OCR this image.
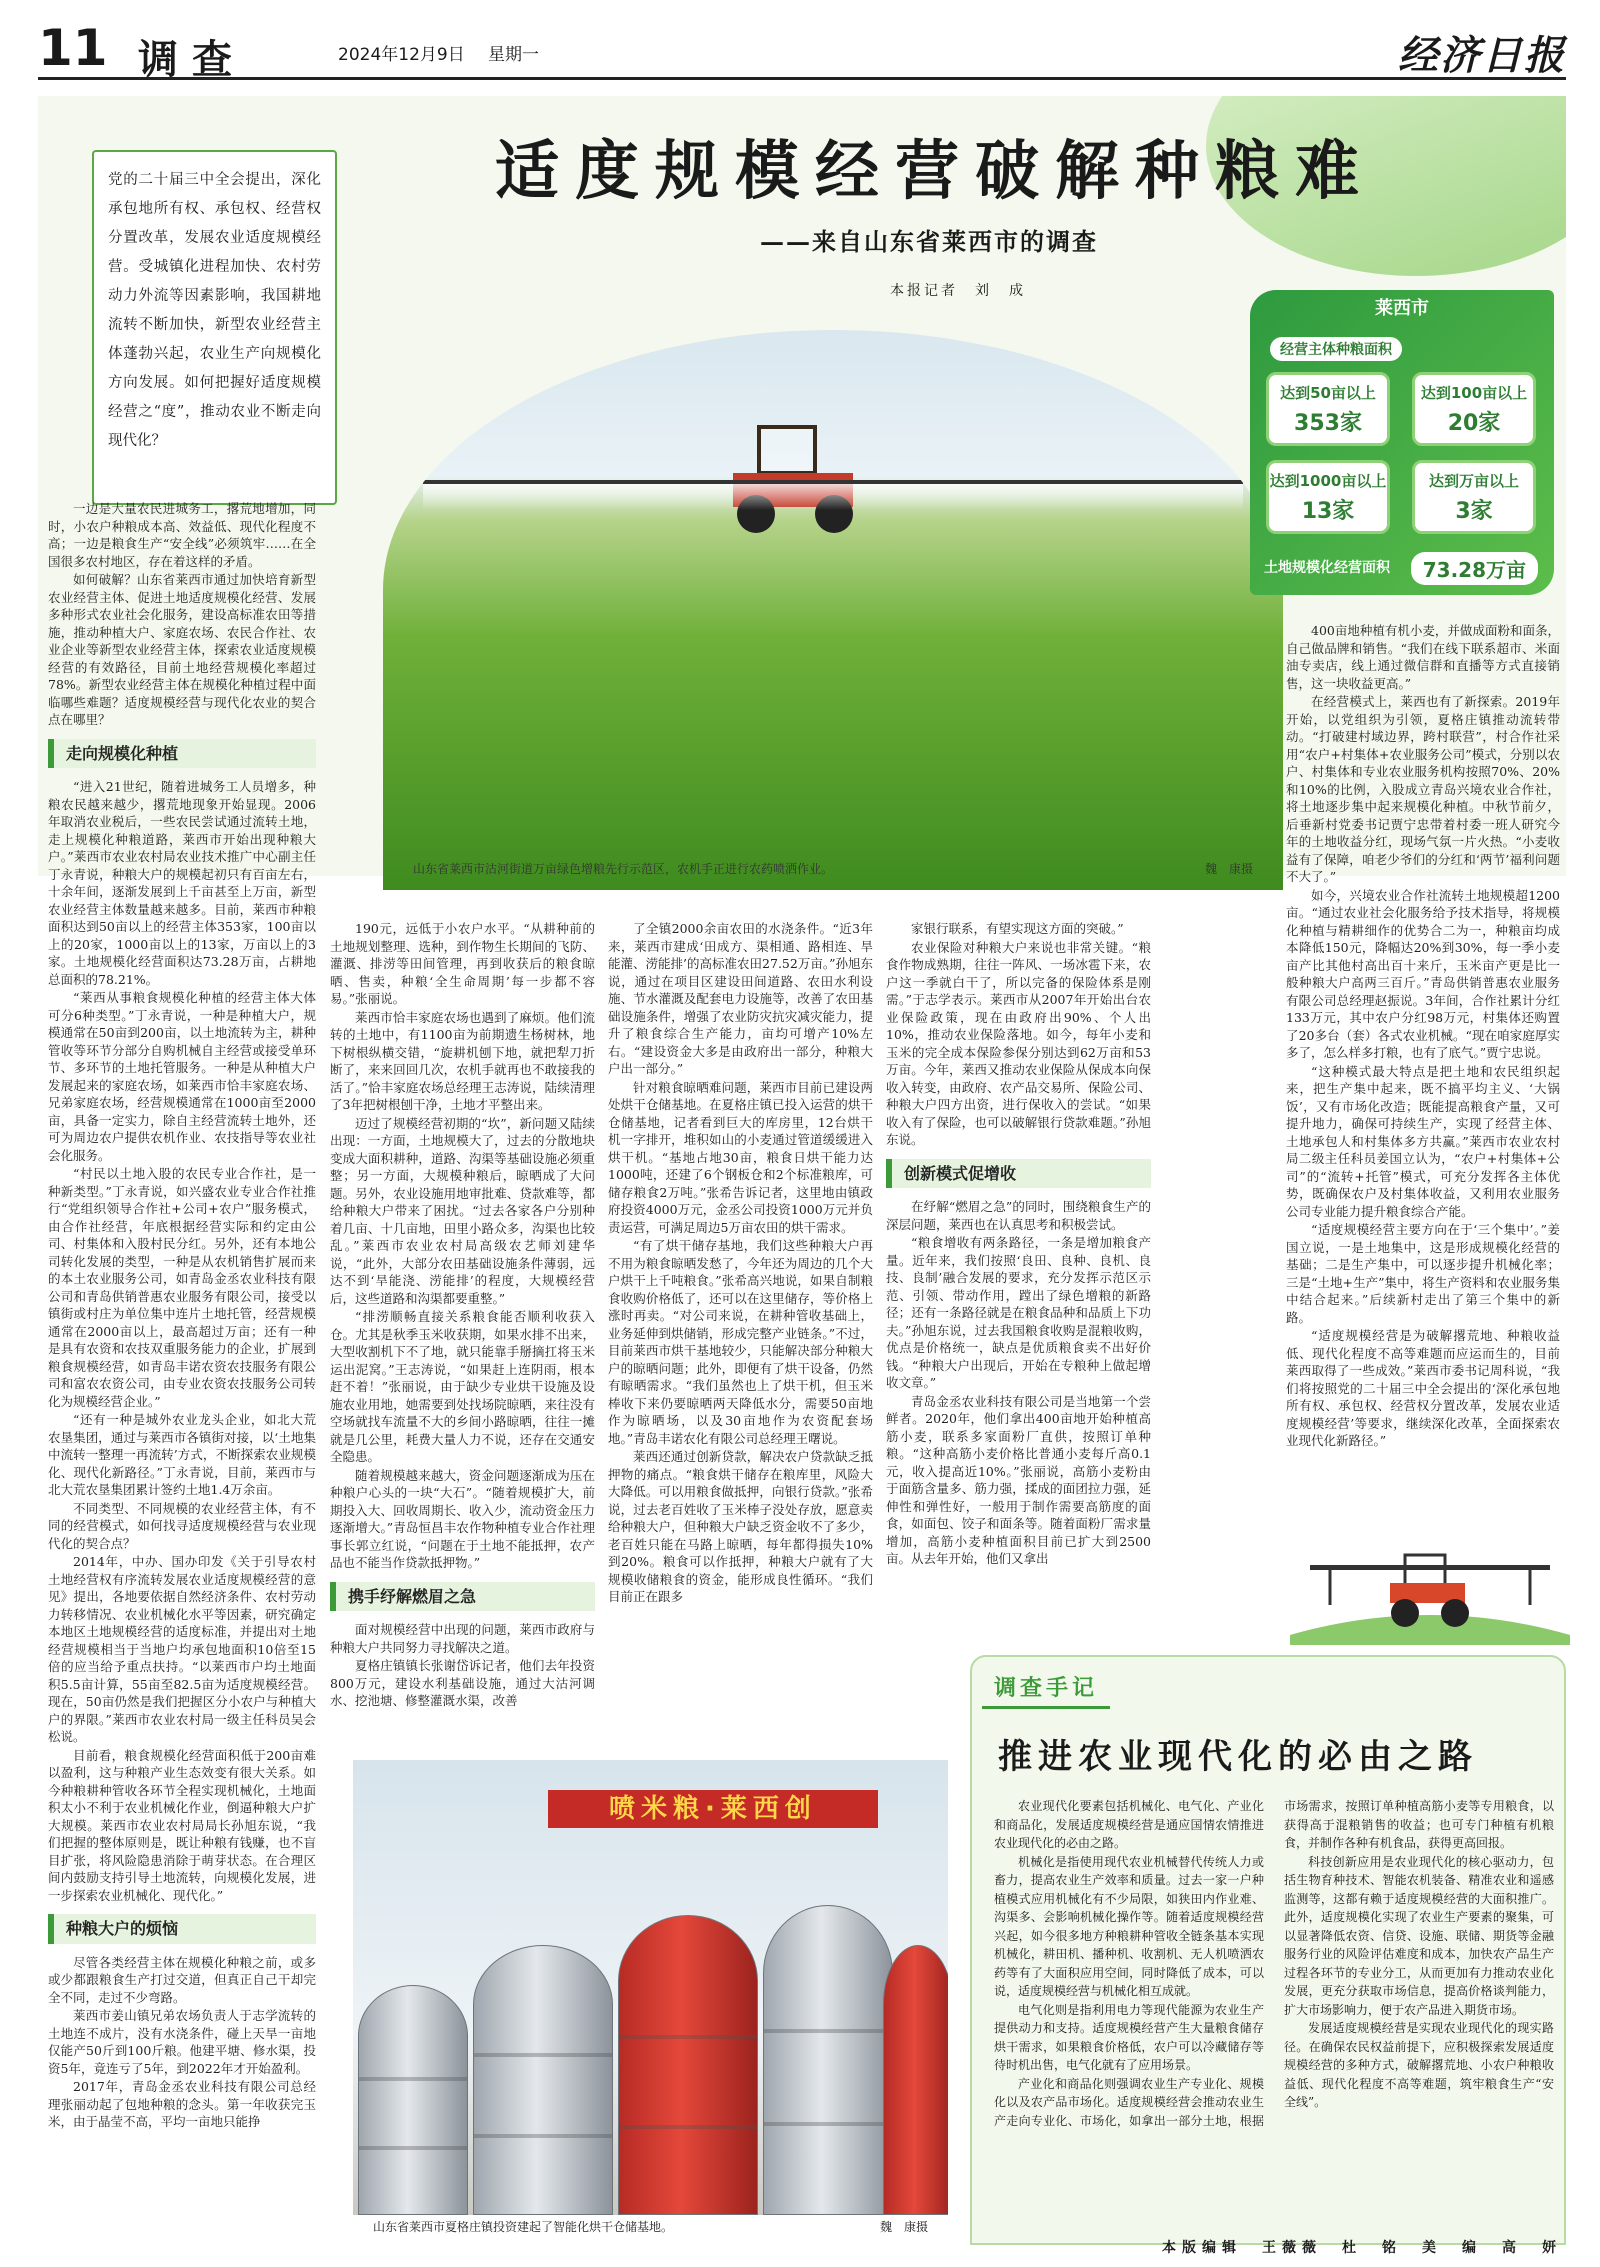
11 调查	2024年12月9日 星期一	经济日报
党的二十届三中全会提出，深化承包地所有权、承包权、经营权分置改革，发展农业适度规模经营。受城镇化进程加快、农村劳动力外流等因素影响，我国耕地流转不断加快，新型农业经营主体蓬勃兴起，农业生产向规模化方向发展。如何把握好适度规模经营之“度”，推动农业不断走向现代化？
适度规模经营破解种粮难
——来自山东省莱西市的调查
本报记者　刘　成
山东省莱西市沽河街道万亩绿色增粮先行示范区，农机手正进行农药喷洒作业。	魏　康摄
莱西市
经营主体种粮面积
达到50亩以上
353家
达到100亩以上
20家
达到1000亩以上
13家
达到万亩以上
3家
土地规模化经营面积	73.28万亩

一边是大量农民进城务工，撂荒地增加，同时，小农户种粮成本高、效益低、现代化程度不高；一边是粮食生产“安全线”必须筑牢……在全国很多农村地区，存在着这样的矛盾。

如何破解？山东省莱西市通过加快培育新型农业经营主体、促进土地适度规模化经营、发展多种形式农业社会化服务，建设高标准农田等措施，推动种植大户、家庭农场、农民合作社、农业企业等新型农业经营主体，探索农业适度规模经营的有效路径，目前土地经营规模化率超过78%。新型农业经营主体在规模化种植过程中面临哪些难题？适度规模经营与现代化农业的契合点在哪里？

走向规模化种植

“进入21世纪，随着进城务工人员增多，种粮农民越来越少，撂荒地现象开始显现。2006年取消农业税后，一些农民尝试通过流转土地，走上规模化种粮道路，莱西市开始出现种粮大户。”莱西市农业农村局农业技术推广中心副主任丁永青说，种粮大户的规模起初只有百亩左右，十余年间，逐渐发展到上千亩甚至上万亩，新型农业经营主体数量越来越多。目前，莱西市种粮面积达到50亩以上的经营主体353家，100亩以上的20家，1000亩以上的13家，万亩以上的3家。土地规模化经营面积达73.28万亩，占耕地总面积的78.21%。

“莱西从事粮食规模化种植的经营主体大体可分6种类型。”丁永青说，一种是种植大户，规模通常在50亩到200亩，以土地流转为主，耕种管收等环节分部分自购机械自主经营或接受单环节、多环节的土地托管服务。一种是从种植大户发展起来的家庭农场，如莱西市恰丰家庭农场、兄弟家庭农场，经营规模通常在1000亩至2000亩，具备一定实力，除自主经营流转土地外，还可为周边农户提供农机作业、农技指导等农业社会化服务。

“村民以土地入股的农民专业合作社，是一种新类型。”丁永青说，如兴盛农业专业合作社推行“党组织领导合作社+公司+农户”服务模式，由合作社经营，年底根据经营实际和约定由公司、村集体和入股村民分红。另外，还有本地公司转化发展的类型，一种是从农机销售扩展而来的本土农业服务公司，如青岛金丞农业科技有限公司和青岛供销普惠农业服务有限公司，接受以镇街或村庄为单位集中连片土地托管，经营规模通常在2000亩以上，最高超过万亩；还有一种是具有农资和农技双重服务能力的企业，扩展到粮食规模经营，如青岛丰诺农资农技服务有限公司和富农农资公司，由专业农资农技服务公司转化为规模经营企业。”

“还有一种是城外农业龙头企业，如北大荒农垦集团，通过与莱西市各镇街对接，以‘土地集中流转一整理一再流转’方式，不断探索农业规模化、现代化新路径。”丁永青说，目前，莱西市与北大荒农垦集团累计签约土地1.4万余亩。

不同类型、不同规模的农业经营主体，有不同的经营模式，如何找寻适度规模经营与农业现代化的契合点？

2014年，中办、国办印发《关于引导农村土地经营权有序流转发展农业适度规模经营的意见》提出，各地要依据自然经济条件、农村劳动力转移情况、农业机械化水平等因素，研究确定本地区土地规模经营的适度标准，并提出对土地经营规模相当于当地户均承包地面积10倍至15倍的应当给予重点扶持。“以莱西市户均土地面积5.5亩计算，55亩至82.5亩为适度规模经营。现在，50亩仍然是我们把握区分小农户与种植大户的界限。”莱西市农业农村局一级主任科员吴会松说。

目前看，粮食规模化经营面积低于200亩难以盈利，这与种粮产业生态效变有很大关系。如今种粮耕种管收各环节全程实现机械化，土地面积太小不利于农业机械化作业，倒逼种粮大户扩大规模。莱西市农业农村局局长孙旭东说，“我们把握的整体原则是，既让种粮有钱赚，也不盲目扩张，将风险隐患消除于萌芽状态。在合理区间内鼓励支持引导土地流转，向规模化发展，进一步探索农业机械化、现代化。”

种粮大户的烦恼

尽管各类经营主体在规模化种粮之前，或多或少都跟粮食生产打过交道，但真正自己干却完全不同，走过不少弯路。

莱西市姜山镇兄弟农场负责人于志学流转的土地连不成片，没有水浇条件，碰上天旱一亩地仅能产50斤到100斤粮。他建平塘、修水渠，投资5年，竟连亏了5年，到2022年才开始盈利。

2017年，青岛金丞农业科技有限公司总经理张丽动起了包地种粮的念头。第一年收获完玉米，由于晶莹不高，平均一亩地只能挣

190元，远低于小农户水平。“从耕种前的土地规划整理、选种，到作物生长期间的飞防、灌溉、排涝等田间管理，再到收获后的粮食晾晒、售卖，种粮‘全生命周期’每一步都不容易。”张丽说。

莱西市恰丰家庭农场也遇到了麻烦。他们流转的土地中，有1100亩为前期遗生杨树林，地下树根纵横交错，“旋耕机刨下地，就把犁刀折断了，来来回回几次，农机手就再也不敢接我的活了。”恰丰家庭农场总经理王志涛说，陆续清理了3年把树根刨干净，土地才平整出来。

迈过了规模经营初期的“坎”，新问题又陆续出现：一方面，土地规模大了，过去的分散地块变成大面积耕种，道路、沟渠等基础设施必须重整；另一方面，大规模种粮后，晾晒成了大问题。另外，农业设施用地审批难、贷款难等，都给种粮大户带来了困扰。“过去各家各户分别种着几亩、十几亩地，田里小路众多，沟渠也比较乱。”莱西市农业农村局高级农艺师刘建华说，“此外，大部分农田基础设施条件薄弱，远达不到‘旱能浇、涝能排’的程度，大规模经营后，这些道路和沟渠都要重整。”

“排涝顺畅直接关系粮食能否顺利收获入仓。尤其是秋季玉米收获期，如果水排不出来，大型收割机下不了地，就只能靠手掰摘扛将玉米运出泥窝。”王志涛说，“如果赶上连阴雨，根本赶不着！”张丽说，由于缺少专业烘干设施及设施农业用地，她需要到处找场院晾晒，来往没有空场就找车流量不大的乡间小路晾晒，往往一摊就是几公里，耗费大量人力不说，还存在交通安全隐患。

随着规模越来越大，资金问题逐渐成为压在种粮户心头的一块“大石”。“随着规模扩大，前期投入大、回收周期长、收入少，流动资金压力逐渐增大。”青岛恒昌丰农作物种植专业合作社理事长郭立红说，“问题在于土地不能抵押，农产品也不能当作贷款抵押物。”

携手纾解燃眉之急

面对规模经营中出现的问题，莱西市政府与种粮大户共同努力寻找解决之道。

夏格庄镇镇长张谢岱诉记者，他们去年投资800万元，建设水利基础设施，通过大沽河调水、挖池塘、修整灌溉水渠，改善

了全镇2000余亩农田的水浇条件。“近3年来，莱西市建成‘田成方、渠相通、路相连、旱能灌、涝能排’的高标准农田27.52万亩。”孙旭东说，通过在项目区建设田间道路、农田水利设施、节水灌溉及配套电力设施等，改善了农田基础设施条件，增强了农业防灾抗灾减灾能力，提升了粮食综合生产能力，亩均可增产10%左右。“建设资金大多是由政府出一部分，种粮大户出一部分。”

针对粮食晾晒难问题，莱西市目前已建设两处烘干仓储基地。在夏格庄镇已投入运营的烘干仓储基地，记者看到巨大的库房里，12台烘干机一字排开，堆积如山的小麦通过管道缓缓进入烘干机。“基地占地30亩，粮食日烘干能力达1000吨，还建了6个钢板仓和2个标准粮库，可储存粮食2万吨。”张希告诉记者，这里地由镇政府投资4000万元，金丞公司投资1000万元并负责运营，可满足周边5万亩农田的烘干需求。

“有了烘干储存基地，我们这些种粮大户再不用为粮食晾晒发愁了，今年还为周边的几个大户烘干上千吨粮食。”张希高兴地说，如果自制粮食收购价格低了，还可以在这里储存，等价格上涨时再卖。“对公司来说，在耕种管收基础上，业务延伸到烘储销，形成完整产业链条。”不过，目前莱西市烘干基地较少，只能解决部分种粮大户的晾晒问题；此外，即便有了烘干设备，仍然有晾晒需求。“我们虽然也上了烘干机，但玉米棒收下来仍要晾晒两天降低水分，需要50亩地作为晾晒场，以及30亩地作为农资配套场地。”青岛丰诺农化有限公司总经理王曙说。

莱西还通过创新贷款，解决农户贷款缺乏抵押物的痛点。“粮食烘干储存在粮库里，风险大大降低。可以用粮食做抵押，向银行贷款。”张希说，过去老百姓收了玉米棒子没处存放，愿意卖给种粮大户，但种粮大户缺乏资金收不了多少，老百姓只能在马路上晾晒，每年都得损失10%到20%。粮食可以作抵押，种粮大户就有了大规模收储粮食的资金，能形成良性循环。“我们目前正在跟多

家银行联系，有望实现这方面的突破。”

农业保险对种粮大户来说也非常关键。“粮食作物成熟期，往往一阵风、一场冰雹下来，农户这一季就白干了，所以完备的保险体系是刚需。”于志学表示。莱西市从2007年开始出台农业保险政策，现在由政府出90%、个人出10%，推动农业保险落地。如今，每年小麦和玉米的完全成本保险参保分别达到62万亩和53万亩。今年，莱西又推动农业保险从保成本向保收入转变，由政府、农产品交易所、保险公司、种粮大户四方出资，进行保收入的尝试。“如果收入有了保险，也可以破解银行贷款难题。”孙旭东说。

创新模式促增收

在纾解“燃眉之急”的同时，围绕粮食生产的深层问题，莱西也在认真思考和积极尝试。

“粮食增收有两条路径，一条是增加粮食产量。近年来，我们按照‘良田、良种、良机、良技、良制’融合发展的要求，充分发挥示范区示范、引领、带动作用，蹚出了绿色增粮的新路径；还有一条路径就是在粮食品种和品质上下功夫。”孙旭东说，过去我国粮食收购是混粮收购，优点是价格统一，缺点是优质粮食卖不出好价钱。“种粮大户出现后，开始在专粮种上做起增收文章。”

青岛金丞农业科技有限公司是当地第一个尝鲜者。2020年，他们拿出400亩地开始种植高筋小麦，联系多家面粉厂直供，按照订单种粮。“这种高筋小麦价格比普通小麦每斤高0.1元，收入提高近10%。”张丽说，高筋小麦粉由于面筋含量多、筋力强，揉成的面团拉力强，延伸性和弹性好，一般用于制作需要高筋度的面食，如面包、饺子和面条等。随着面粉厂需求量增加，高筋小麦种植面积目前已扩大到2500亩。从去年开始，他们又拿出

400亩地种植有机小麦，并做成面粉和面条，自己做品牌和销售。“我们在线下联系超市、米面油专卖店，线上通过微信群和直播等方式直接销售，这一块收益更高。”

在经营模式上，莱西也有了新探索。2019年开始，以党组织为引领，夏格庄镇推动流转带动。“打破建村域边界，跨村联营”，村合作社采用“农户+村集体+农业服务公司”模式，分别以农户、村集体和专业农业服务机构按照70%、20%和10%的比例，入股成立青岛兴境农业合作社，将土地逐步集中起来规模化种植。中秋节前夕，后垂新村党委书记贾宁忠带着村委一班人研究今年的土地收益分红，现场气氛一片火热。“小麦收益有了保障，咱老少爷们的分红和‘两节’福利问题不大了。”

如今，兴境农业合作社流转土地规模超1200亩。“通过农业社会化服务给予技术指导，将规模化种植与精耕细作的优势合二为一，种粮亩均成本降低150元，降幅达20%到30%，每一季小麦亩产比其他村高出百十来斤，玉米亩产更是比一般种粮大户高两三百斤。”青岛供销普惠农业服务有限公司总经理赵振说。3年间，合作社累计分红133万元，其中农户分红98万元，村集体还购置了20多台（套）各式农业机械。“现在咱家庭厚实多了，怎么样多打粮，也有了底气。”贾宁忠说。

“这种模式最大特点是把土地和农民组织起来，把生产集中起来，既不搞平均主义、‘大锅饭’，又有市场化改造；既能提高粮食产量，又可提升地力，确保可持续生产，实现了经营主体、土地承包人和村集体多方共赢。”莱西市农业农村局二级主任科员姜国立认为，“农户+村集体+公司”的“流转+托管”模式，可充分发挥各主体优势，既确保农户及村集体收益，又利用农业服务公司专业能力提升粮食综合产能。

“适度规模经营主要方向在于‘三个集中’。”姜国立说，一是土地集中，这是形成规模化经营的基础；二是生产集中，可以逐步提升机械化率；三是“土地+生产”集中，将生产资料和农业服务集中结合起来。”后续新村走出了第三个集中的新路。

“适度规模经营是为破解撂荒地、种粮收益低、现代化程度不高等难题而应运而生的，目前莱西取得了一些成效。”莱西市委书记周科说，“我们将按照党的二十届三中全会提出的‘深化承包地所有权、承包权、经营权分置改革，发展农业适度规模经营’等要求，继续深化改革，全面探索农业现代化新路径。”

喷米粮·莱西创
山东省莱西市夏格庄镇投资建起了智能化烘干仓储基地。	魏　康摄
调查手记
推进农业现代化的必由之路

农业现代化要素包括机械化、电气化、产业化和商品化，发展适度规模经营是通应国情农情推进农业现代化的必由之路。

机械化是指使用现代农业机械替代传统人力或畜力，提高农业生产效率和质量。过去一家一户种植模式应用机械化有不少局限，如狭田内作业难、沟渠多、会影响机械化操作等。随着适度规模经营兴起，如今很多地方种粮耕种管收全链条基本实现机械化，耕田机、播种机、收割机、无人机喷洒农药等有了大面积应用空间，同时降低了成本，可以说，适度规模经营与机械化相互成就。

电气化则是指利用电力等现代能源为农业生产提供动力和支持。适度规模经营产生大量粮食储存烘干需求，如果粮食价格低，农户可以冷藏储存等待时机出售，电气化就有了应用场景。

产业化和商品化则强调农业生产专业化、规模化以及农产品市场化。适度规模经营会推动农业生产走向专业化、市场化，如拿出一部分土地，根据市场需求，按照订单种植高筋小麦等专用粮食，以获得高于混粮销售的收益；也可专门种植有机粮食，并制作各种有机食品，获得更高回报。

科技创新应用是农业现代化的核心驱动力，包括生物育种技术、智能农机装备、精准农业和遥感监测等，这都有赖于适度规模经营的大面积推广。此外，适度规模化实现了农业生产要素的聚集，可以显著降低农资、信贷、设施、联储、期货等金融服务行业的风险评估难度和成本，加快农产品生产过程各环节的专业分工，从而更加有力推动农业化发展，更充分获取市场信息，提高价格谈判能力，扩大市场影响力，便于农产品进入期货市场。

发展适度规模经营是实现农业现代化的现实路径。在确保农民权益前提下，应积极探索发展适度规模经营的多种方式，破解撂荒地、小农户种粮收益低、现代化程度不高等难题，筑牢粮食生产“安全线”。

本版编辑　王薇薇　杜　铭　美　编　高　妍
